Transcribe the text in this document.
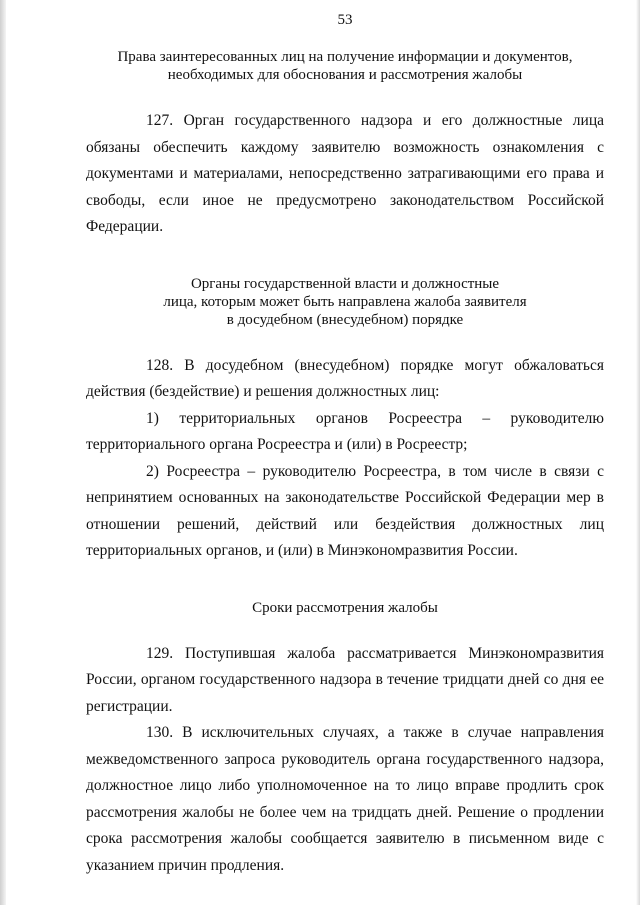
53
Права заинтересованных лиц на получение информации и документов,
необходимых для обоснования и рассмотрения жалобы

127. Орган государственного надзора и его должностные лица обязаны обеспечить каждому заявителю возможность ознакомления с документами и материалами, непосредственно затрагивающими его права и свободы, если иное не предусмотрено законодательством Российской Федерации.

Органы государственной власти и должностные
лица, которым может быть направлена жалоба заявителя
в досудебном (внесудебном) порядке

128. В досудебном (внесудебном) порядке могут обжаловаться действия (бездействие) и решения должностных лиц:

1) территориальных органов Росреестра – руководителю территориального органа Росреестра и (или) в Росреестр;

2) Росреестра – руководителю Росреестра, в том числе в связи с непринятием основанных на законодательстве Российской Федерации мер в отношении решений, действий или бездействия должностных лиц территориальных органов, и (или) в Минэкономразвития России.

Сроки рассмотрения жалобы

129. Поступившая жалоба рассматривается Минэкономразвития России, органом государственного надзора в течение тридцати дней со дня ее регистрации.

130. В исключительных случаях, а также в случае направления межведомственного запроса руководитель органа государственного надзора, должностное лицо либо уполномоченное на то лицо вправе продлить срок рассмотрения жалобы не более чем на тридцать дней. Решение о продлении срока рассмотрения жалобы сообщается заявителю в письменном виде с указанием причин продления.
